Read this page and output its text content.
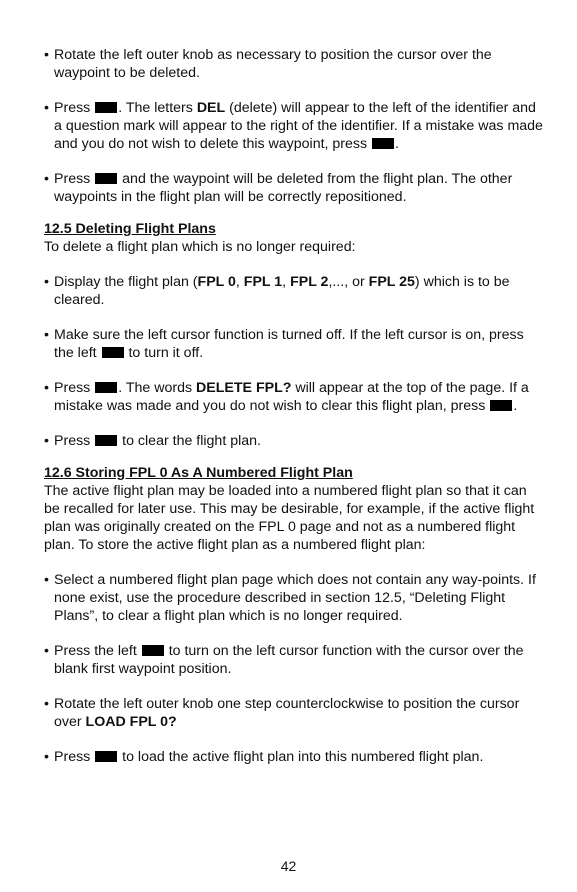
• Rotate the left outer knob as necessary to position the cursor over the waypoint to be deleted.

• Press . The letters DEL (delete) will appear to the left of the identifier and a question mark will appear to the right of the identifier. If a mistake was made and you do not wish to delete this waypoint, press .

• Press  and the waypoint will be deleted from the flight plan. The other waypoints in the flight plan will be correctly repositioned.

12.5 Deleting Flight Plans

To delete a flight plan which is no longer required:

• Display the flight plan (FPL 0, FPL 1, FPL 2,..., or FPL 25) which is to be cleared.

• Make sure the left cursor function is turned off. If the left cursor is on, press the left  to turn it off.

• Press . The words DELETE FPL? will appear at the top of the page. If a mistake was made and you do not wish to clear this flight plan, press .

• Press  to clear the flight plan.

12.6 Storing FPL 0 As A Numbered Flight Plan

The active flight plan may be loaded into a numbered flight plan so that it can be recalled for later use. This may be desirable, for example, if the active flight plan was originally created on the FPL 0 page and not as a numbered flight plan. To store the active flight plan as a numbered flight plan:

• Select a numbered flight plan page which does not contain any way-points. If none exist, use the procedure described in section 12.5, “Deleting Flight Plans”, to clear a flight plan which is no longer required.

• Press the left  to turn on the left cursor function with the cursor over the blank first waypoint position.

• Rotate the left outer knob one step counterclockwise to position the cursor over LOAD FPL 0?

• Press  to load the active flight plan into this numbered flight plan.

42
